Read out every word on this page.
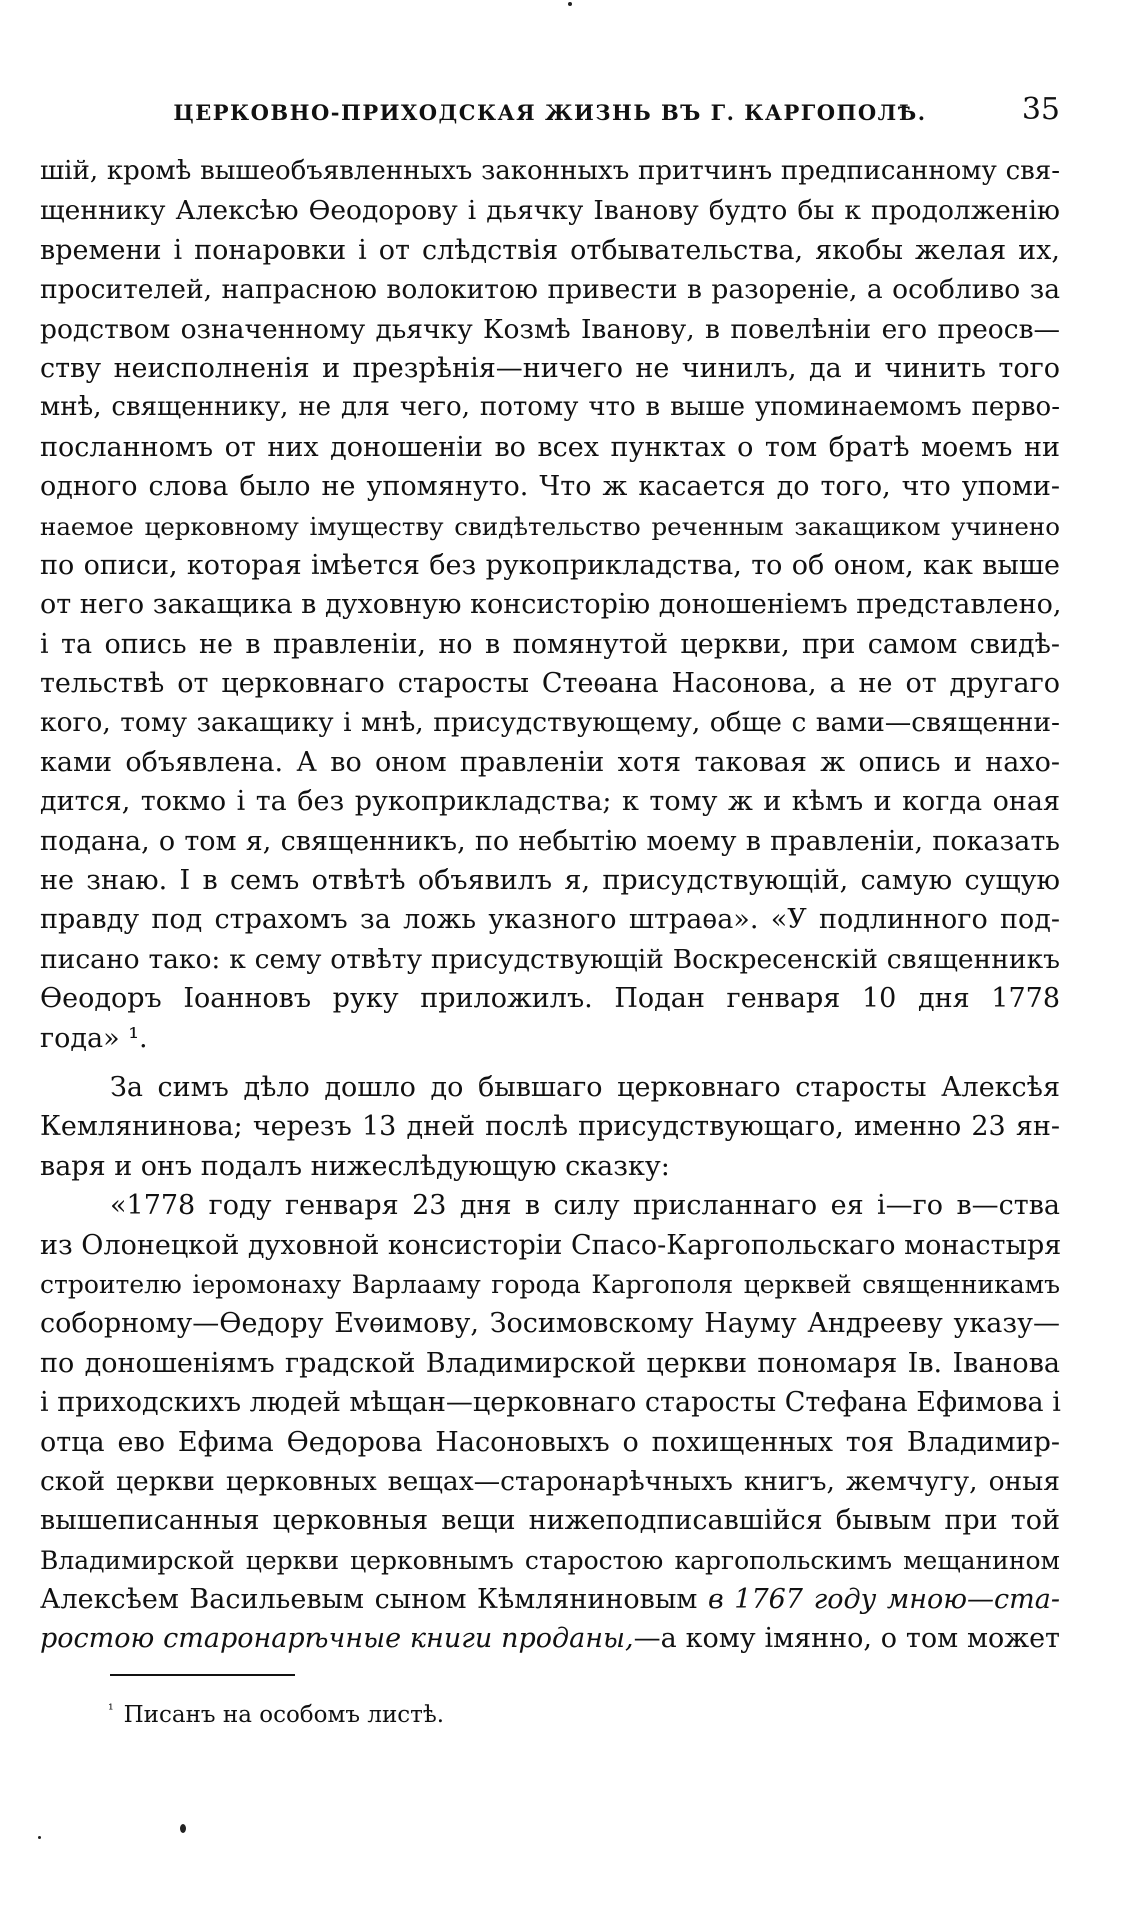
ЦЕРКОВНО-ПРИХОДСКАЯ ЖИЗНЬ ВЪ Г. КАРГОПОЛѢ.	35
шій, кромѣ вышеобъявленныхъ законныхъ притчинъ предписанному свя-
щеннику Алексѣю Ѳеодорову і дьячку Іванову будто бы к продолженію
времени і понаровки і от слѣдствія отбывательства, якобы желая их,
просителей, напрасною волокитою привести в разореніе, а особливо за
родством означенному дьячку Козмѣ Іванову, в повелѣніи его преосв—
ству неисполненія и презрѣнія—ничего не чинилъ, да и чинить того
мнѣ, священнику, не для чего, потому что в выше упоминаемомъ перво-
посланномъ от них доношеніи во всех пунктах о том братѣ моемъ ни
одного слова было не упомянуто. Что ж касается до того, что упоми-
наемое церковному імуществу свидѣтельство реченным закащиком учинено
по описи, которая імѣется без рукоприкладства, то об оном, как выше
от него закащика в духовную консисторію доношеніемъ представлено,
і та опись не в правленіи, но в помянутой церкви, при самом свидѣ-
тельствѣ от церковнаго старосты Стеѳана Насонова, а не от другаго
кого, тому закащику і мнѣ, присудствующему, обще с вами—священни-
ками объявлена. А во оном правленіи хотя таковая ж опись и нахо-
дится, токмо і та без рукоприкладства; к тому ж и кѣмъ и когда оная
подана, о том я, священникъ, по небытію моему в правленіи, показать
не знаю. І в семъ отвѣтѣ объявилъ я, присудствующій, самую сущую
правду под страхомъ за ложь указного штраѳа». «У подлинного под-
писано тако: к сему отвѣту присудствующій Воскресенскій священникъ
Ѳеодоръ Іоанновъ руку приложилъ. Подан генваря 10 дня 1778
года» ¹.
За симъ дѣло дошло до бывшаго церковнаго старосты Алексѣя
Кемлянинова; черезъ 13 дней послѣ присудствующаго, именно 23 ян-
варя и онъ подалъ нижеслѣдующую сказку:
«1778 году генваря 23 дня в силу присланнаго ея і—го в—ства
из Олонецкой духовной консисторіи Спасо-Каргопольскаго монастыря
строителю іеромонаху Варлааму города Каргополя церквей священникамъ
соборному—Ѳедору Еvѳимову, Зосимовскому Науму Андрееву указу—
по доношеніямъ градской Владимирской церкви пономаря Ів. Іванова
і приходскихъ людей мѣщан—церковнаго старосты Стефана Ефимова і
отца ево Ефима Ѳедорова Насоновыхъ о похищенных тоя Владимир-
ской церкви церковных вещах—старонарѣчныхъ книгъ, жемчугу, оныя
вышеписанныя церковныя вещи нижеподписавшійся бывым при той
Владимирской церкви церковнымъ старостою каргопольскимъ мещанином
Алексѣем Васильевым сыном Кѣмляниновым в 1767 году мною—ста-
ростою старонарѣчные книги проданы,—а кому імянно, о том может
$^{^1}$ Писанъ на особомъ листѣ.
